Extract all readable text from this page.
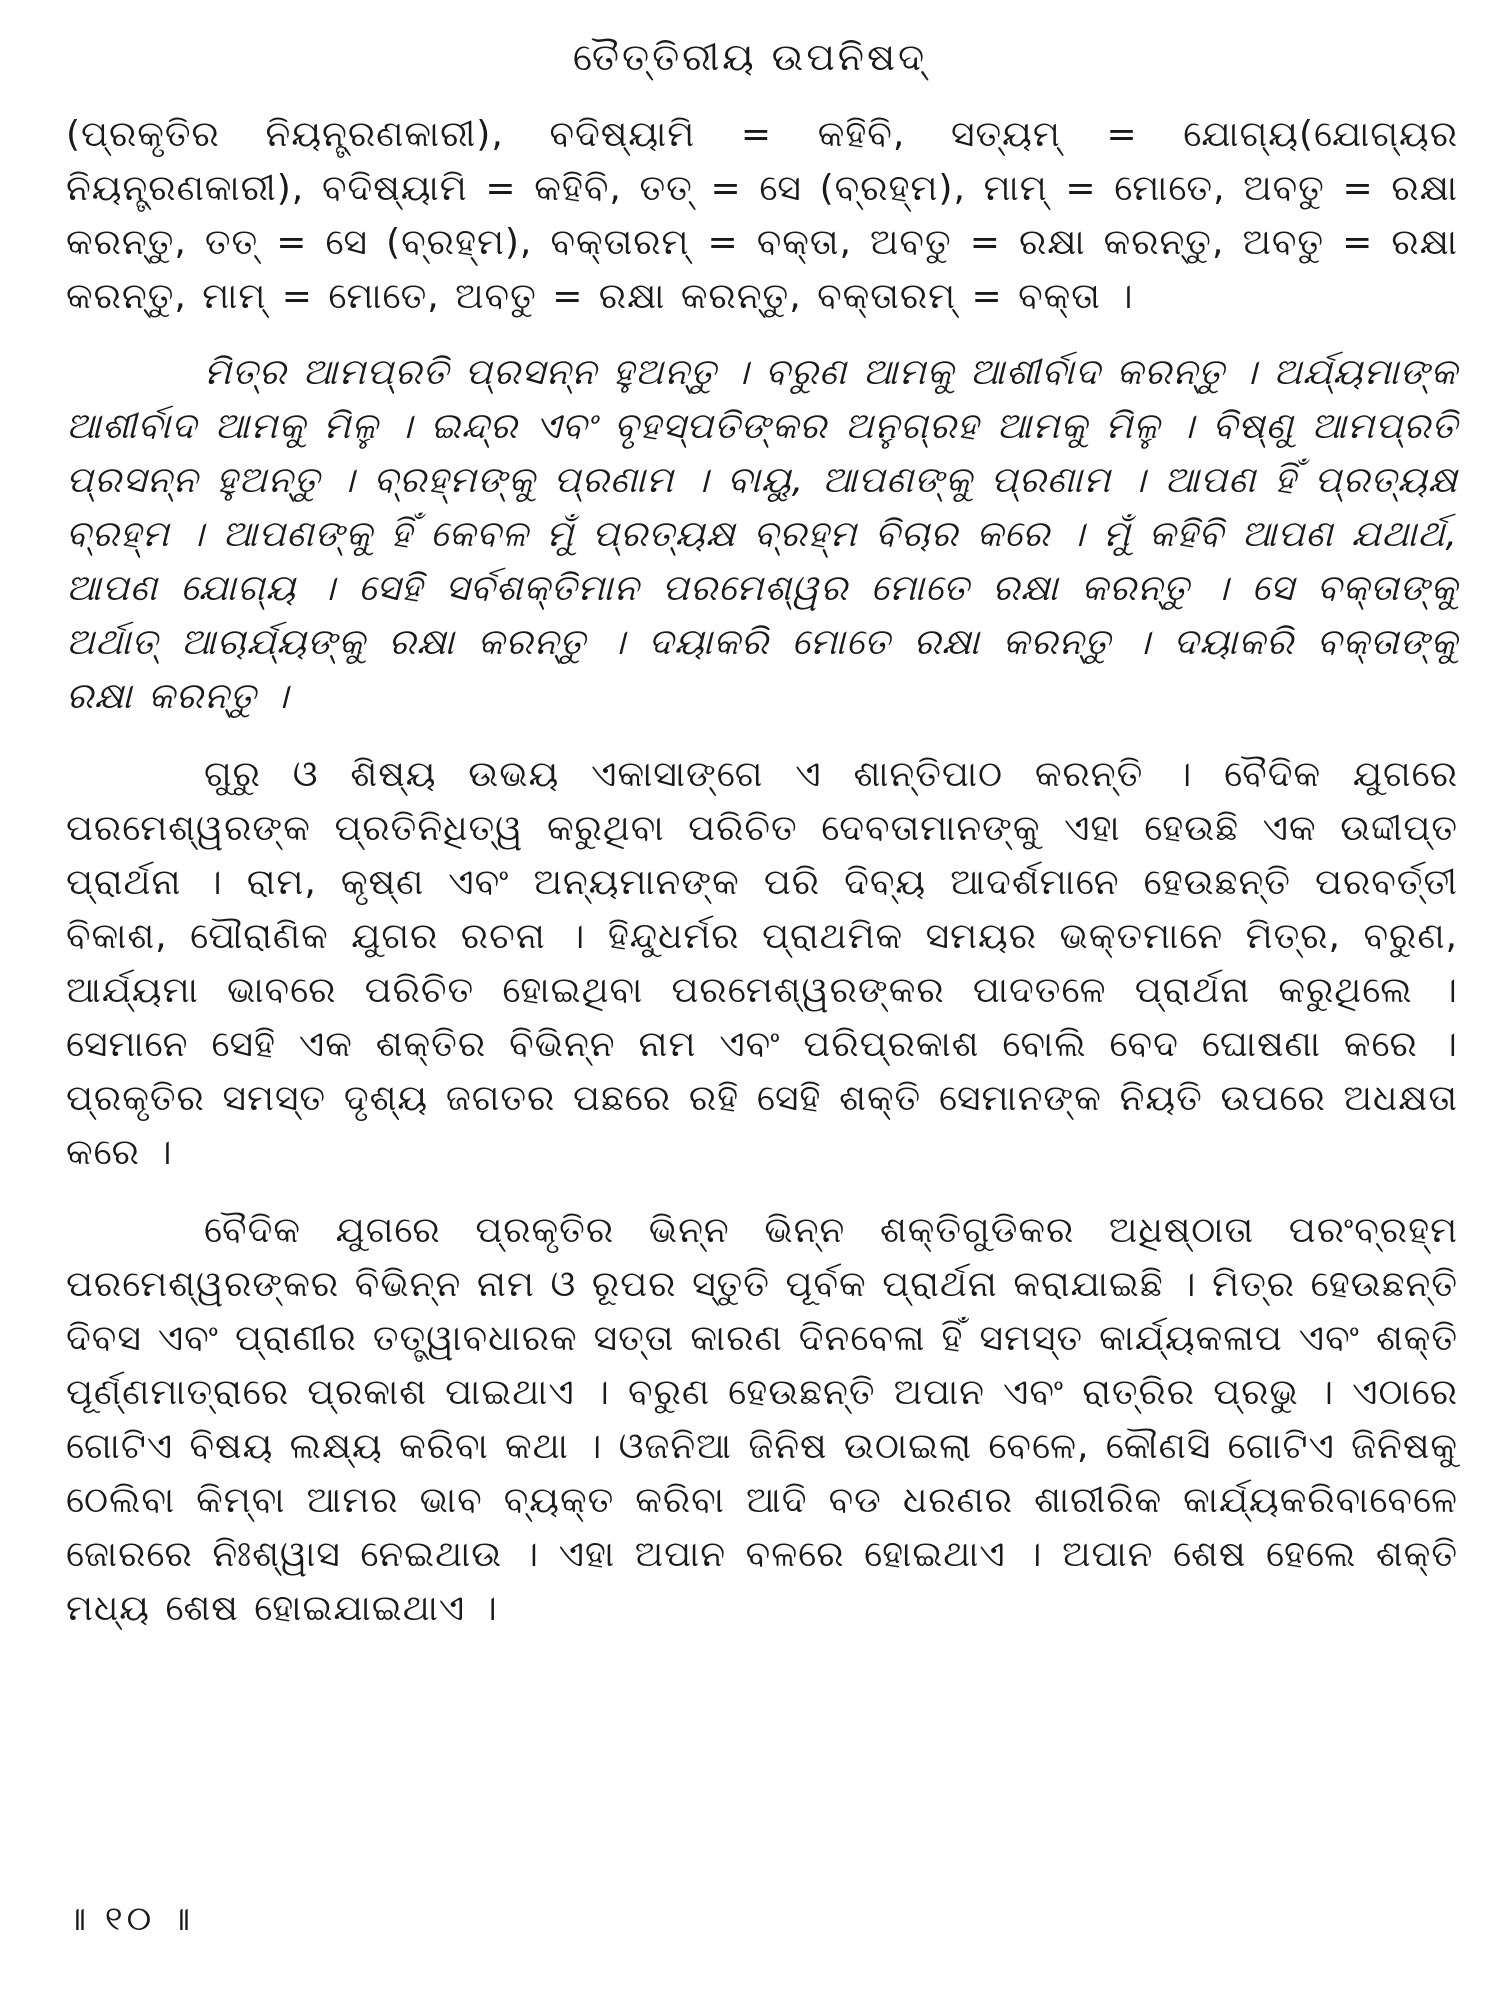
ତୈତ୍ତିରୀୟ ଉପନିଷଦ୍

(ପ୍ରକୃତିର ନିୟନ୍ତ୍ରଣକାରୀ), ବଦିଷ୍ୟାମି = କହିବି, ସତ୍ୟମ୍ = ଯୋଗ୍ୟ(ଯୋଗ୍ୟର ନିୟନ୍ତ୍ରଣକାରୀ), ବଦିଷ୍ୟାମି = କହିବି, ତତ୍ = ସେ (ବ୍ରହ୍ମ), ମାମ୍ = ମୋତେ, ଅବତୁ = ରକ୍ଷା କରନ୍ତୁ, ତତ୍ = ସେ (ବ୍ରହ୍ମ), ବକ୍ତାରମ୍ = ବକ୍ତା, ଅବତୁ = ରକ୍ଷା କରନ୍ତୁ, ଅବତୁ = ରକ୍ଷା କରନ୍ତୁ, ମାମ୍ = ମୋତେ, ଅବତୁ = ରକ୍ଷା କରନ୍ତୁ, ବକ୍ତାରମ୍ = ବକ୍ତା ।

ମିତ୍ର ଆମପ୍ରତି ପ୍ରସନ୍ନ ହୁଅନ୍ତୁ । ବରୁଣ ଆମକୁ ଆଶୀର୍ବାଦ କରନ୍ତୁ । ଅର୍ଯ୍ୟମାଙ୍କ ଆଶୀର୍ବାଦ ଆମକୁ ମିଳୁ । ଇନ୍ଦ୍ର ଏବଂ ବୃହସ୍ପତିଙ୍କର ଅନୁଗ୍ରହ ଆମକୁ ମିଳୁ । ବିଷ୍ଣୁ ଆମପ୍ରତି ପ୍ରସନ୍ନ ହୁଅନ୍ତୁ । ବ୍ରହ୍ମଙ୍କୁ ପ୍ରଣାମ । ବାୟୁ, ଆପଣଙ୍କୁ ପ୍ରଣାମ । ଆପଣ ହିଁ ପ୍ରତ୍ୟକ୍ଷ ବ୍ରହ୍ମ । ଆପଣଙ୍କୁ ହିଁ କେବଳ ମୁଁ ପ୍ରତ୍ୟକ୍ଷ ବ୍ରହ୍ମ ବିଚାର କରେ । ମୁଁ କହିବି ଆପଣ ଯଥାର୍ଥ, ଆପଣ ଯୋଗ୍ୟ । ସେହି ସର୍ବଶକ୍ତିମାନ ପରମେଶ୍ୱର ମୋତେ ରକ୍ଷା କରନ୍ତୁ । ସେ ବକ୍ତାଙ୍କୁ ଅର୍ଥାତ୍ ଆଚାର୍ଯ୍ୟଙ୍କୁ ରକ୍ଷା କରନ୍ତୁ । ଦୟାକରି ମୋତେ ରକ୍ଷା କରନ୍ତୁ । ଦୟାକରି ବକ୍ତାଙ୍କୁ ରକ୍ଷା କରନ୍ତୁ ।

ଗୁରୁ ଓ ଶିଷ୍ୟ ଉଭୟ ଏକାସାଙ୍ଗେ ଏ ଶାନ୍ତିପାଠ କରନ୍ତି । ବୈଦିକ ଯୁଗରେ ପରମେଶ୍ୱରଙ୍କ ପ୍ରତିନିଧିତ୍ୱ କରୁଥିବା ପରିଚିତ ଦେବତାମାନଙ୍କୁ ଏହା ହେଉଛି ଏକ ଉଦ୍ଦୀପ୍ତ ପ୍ରାର୍ଥନା । ରାମ, କୃଷ୍ଣ ଏବଂ ଅନ୍ୟମାନଙ୍କ ପରି ଦିବ୍ୟ ଆଦର୍ଶମାନେ ହେଉଛନ୍ତି ପରବର୍ତ୍ତୀ ବିକାଶ, ପୌରାଣିକ ଯୁଗର ରଚନା । ହିନ୍ଦୁଧର୍ମର ପ୍ରାଥମିକ ସମୟର ଭକ୍ତମାନେ ମିତ୍ର, ବରୁଣ, ଆର୍ଯ୍ୟମା ଭାବରେ ପରିଚିତ ହୋଇଥିବା ପରମେଶ୍ୱରଙ୍କର ପାଦତଳେ ପ୍ରାର୍ଥନା କରୁଥିଲେ । ସେମାନେ ସେହି ଏକ ଶକ୍ତିର ବିଭିନ୍ନ ନାମ ଏବଂ ପରିପ୍ରକାଶ ବୋଲି ବେଦ ଘୋଷଣା କରେ । ପ୍ରକୃତିର ସମସ୍ତ ଦୃଶ୍ୟ ଜଗତର ପଛରେ ରହି ସେହି ଶକ୍ତି ସେମାନଙ୍କ ନିୟତି ଉପରେ ଅଧକ୍ଷତା କରେ ।

ବୈଦିକ ଯୁଗରେ ପ୍ରକୃତିର ଭିନ୍ନ ଭିନ୍ନ ଶକ୍ତିଗୁଡିକର ଅଧିଷ୍ଠାତା ପରଂବ୍ରହ୍ମ ପରମେଶ୍ୱରଙ୍କର ବିଭିନ୍ନ ନାମ ଓ ରୂପର ସ୍ତୁତି ପୂର୍ବକ ପ୍ରାର୍ଥନା କରାଯାଇଛି । ମିତ୍ର ହେଉଛନ୍ତି ଦିବସ ଏବଂ ପ୍ରାଣୀର ତତ୍ତ୍ୱାବଧାରକ ସତ୍ତା କାରଣ ଦିନବେଳା ହିଁ ସମସ୍ତ କାର୍ଯ୍ୟକଳାପ ଏବଂ ଶକ୍ତି ପୂର୍ଣ୍ଣମାତ୍ରାରେ ପ୍ରକାଶ ପାଇଥାଏ । ବରୁଣ ହେଉଛନ୍ତି ଅପାନ ଏବଂ ରାତ୍ରିର ପ୍ରଭୁ । ଏଠାରେ ଗୋଟିଏ ବିଷୟ ଲକ୍ଷ୍ୟ କରିବା କଥା । ଓଜନିଆ ଜିନିଷ ଉଠାଇଲା ବେଳେ, କୌଣସି ଗୋଟିଏ ଜିନିଷକୁ ଠେଲିବା କିମ୍ବା ଆମର ଭାବ ବ୍ୟକ୍ତ କରିବା ଆଦି ବଡ ଧରଣର ଶାରୀରିକ କାର୍ଯ୍ୟକରିବାବେଳେ ଜୋରରେ ନିଃଶ୍ୱାସ ନେଇଥାଉ । ଏହା ଅପାନ ବଳରେ ହୋଇଥାଏ । ଅପାନ ଶେଷ ହେଲେ ଶକ୍ତି ମଧ୍ୟ ଶେଷ ହୋଇଯାଇଥାଏ ।

॥ ୧୦ ॥
